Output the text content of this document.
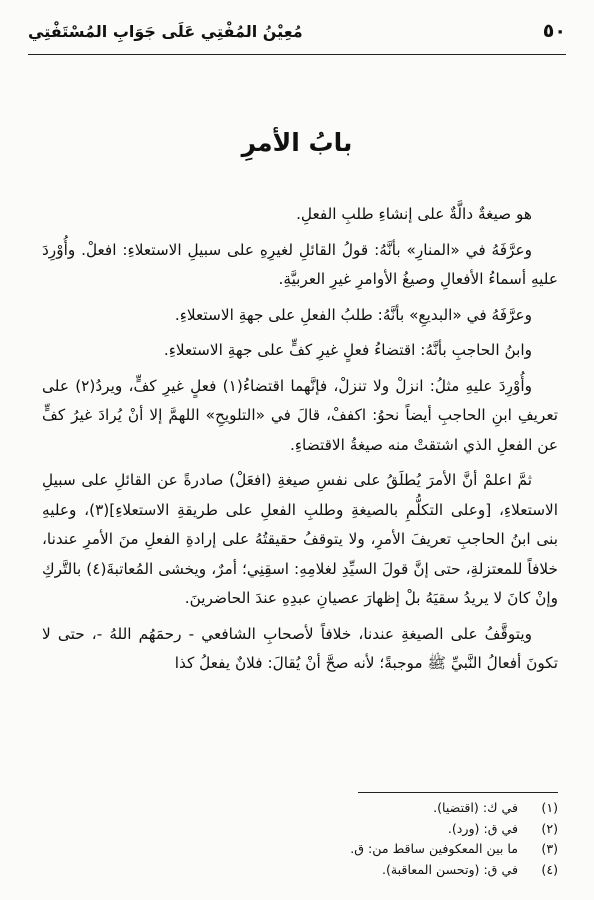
٥٠
مُعِيْنُ المُفْتِي عَلَى جَوَابِ المُسْتَفْتِي
بابُ الأمرِ

هو صيغةٌ دالَّةٌ على إنشاءِ طلبِ الفعلِ.

وعرَّفَهُ في «المنارِ» بأنَّهُ: قولُ القائلِ لغيرِهِ على سبيلِ الاستعلاءِ: افعلْ. وأُوْرِدَ عليهِ أسماءُ الأفعالِ وصيغُ الأوامرِ غيرِ العربيَّةِ.

وعرَّفَهُ في «البديعِ» بأنَّهُ: طلبُ الفعلِ على جهةِ الاستعلاءِ.

وابنُ الحاجبِ بأنَّهُ: اقتضاءُ فعلٍ غيرِ كفٍّ على جهةِ الاستعلاءِ.

وأُوْرِدَ عليهِ مثلُ: انزلْ ولا تنزلْ، فإنَّهما اقتضاءُ(١) فعلٍ غيرِ كفٍّ، ويردُ(٢) على تعريفِ ابنِ الحاجبِ أيضاً نحوُ: اكففْ، قالَ في «التلويحِ» اللهمَّ إلا أنْ يُرادَ غيرُ كفٍّ عن الفعلِ الذي اشتقتْ منه صيغةُ الاقتضاءِ.

ثمَّ اعلمْ أنَّ الأمرَ يُطلَقُ على نفسِ صيغةِ (افعَلْ) صادرةً عن القائلِ على سبيلِ الاستعلاءِ، [وعلى التكلُّمِ بالصيغةِ وطلبِ الفعلِ على طريقةِ الاستعلاءِ](٣)، وعليهِ بنى ابنُ الحاجبِ تعريفَ الأمرِ، ولا يتوقفُ حقيقتُهُ على إرادةِ الفعلِ منَ الأمرِ عندنا، خلافاً للمعتزلةِ، حتى إنَّ قولَ السيِّدِ لغلامِهِ: اسقِنِي؛ أمرٌ، ويخشى المُعاتبةَ(٤) بالتَّركِ وإنْ كانَ لا يريدُ سقيَهُ بلْ إظهارَ عصيانِ عبدِهِ عندَ الحاضرينَ.

ويتوقَّفُ على الصيغةِ عندنا، خلافاً لأصحابِ الشافعي - رحمَهُم اللهُ -، حتى لا تكونَ أفعالُ النَّبيِّ ﷺ موجبةً؛ لأنه صحَّ أنْ يُقالَ: فلانٌ يفعلُ كذا

(١) في ك: (اقتضيا).
(٢) في ق: (ورد).
(٣) ما بين المعكوفين ساقط من: ق.
(٤) في ق: (وتحسن المعاقبة).
